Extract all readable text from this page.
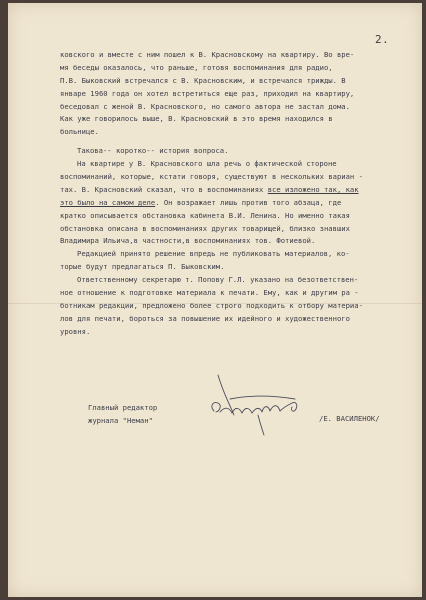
2.
ковского и вместе с ним пошел к В. Красновскому на квартиру. Во вре-
мя беседы оказалось, что раньше, готовя воспоминания для радио,
П.В. Быковский встречался с В. Красновским, и встречался трижды. В
январе 1960 года он хотел встретиться еще раз, приходил на квартиру,
беседовал с женой В. Красновского, но самого автора не застал дома.
Как уже говорилось выше, В. Красновский в это время находился в
больнице.
Такова-- коротко-- история вопроса.
На квартире у В. Красновского шла речь о фактической стороне
воспоминаний, которые, кстати говоря, существуют в нескольких вариан -
тах. В. Красновский сказал, что в воспоминаниях все изложено так, как
это было на самом деле. Он возражает лишь против того абзаца, где
кратко описывается обстановка кабинета В.И. Ленина. Но именно такая
обстановка описана в воспоминаниях других товарищей, близко знавших
Владимира Ильича,в частности,в воспоминаниях тов. Фотиевой.
Редакцией принято решение впредь не публиковать материалов, ко-
торые будут предлагаться П. Быковским.
Ответственному секретарю т. Попову Г.Л. указано на безответствен-
ное отношение к подготовке материала к печати. Ему, как и другим ра -
ботникам редакции, предложено более строго подходить к отбору материа-
лов для печати, бороться за повышение их идейного и художественного
уровня.
Главный редактор
журнала "Неман"	/Е. ВАСИЛЕНОК/
